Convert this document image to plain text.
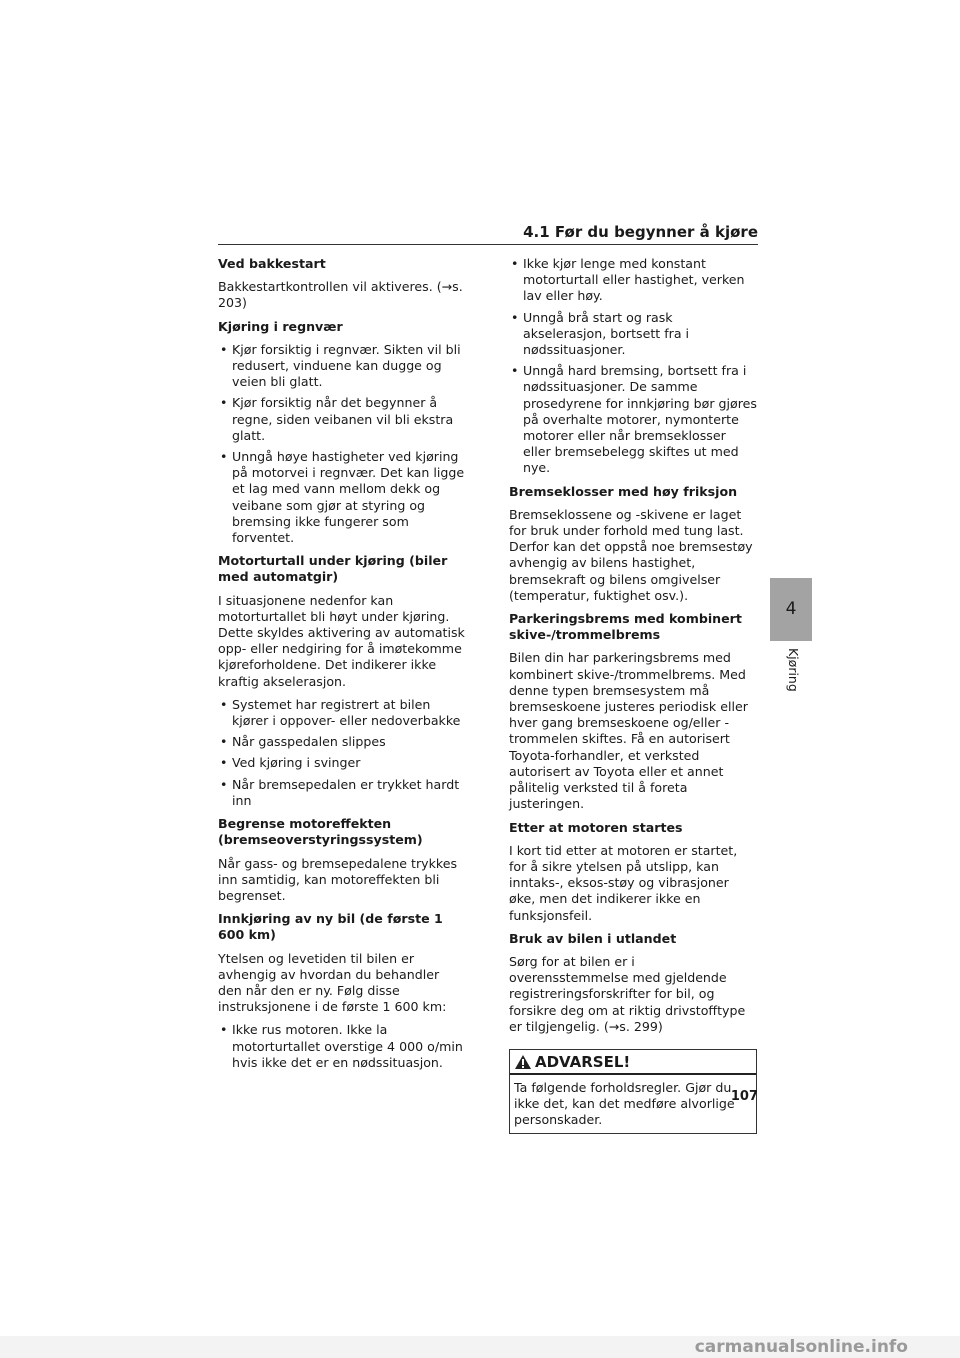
4.1 Før du begynner å kjøre
Ved bakkestart

Bakkestartkontrollen vil aktiveres. (→s. 203)

Kjøring i regnvær
• Kjør forsiktig i regnvær. Sikten vil bli redusert, vinduene kan dugge og veien bli glatt.
• Kjør forsiktig når det begynner å regne, siden veibanen vil bli ekstra glatt.
• Unngå høye hastigheter ved kjøring på motorvei i regnvær. Det kan ligge et lag med vann mellom dekk og veibane som gjør at styring og bremsing ikke fungerer som forventet.
Motorturtall under kjøring (biler med automatgir)

I situasjonene nedenfor kan motorturtallet bli høyt under kjøring. Dette skyldes aktivering av automatisk opp- eller nedgiring for å imøtekomme kjøreforholdene. Det indikerer ikke kraftig akselerasjon.

• Systemet har registrert at bilen kjører i oppover- eller nedoverbakke
• Når gasspedalen slippes
• Ved kjøring i svinger
• Når bremsepedalen er trykket hardt inn
Begrense motoreffekten (bremseoverstyringssystem)

Når gass- og bremsepedalene trykkes inn samtidig, kan motoreffekten bli begrenset.

Innkjøring av ny bil (de første 1 600 km)

Ytelsen og levetiden til bilen er avhengig av hvordan du behandler den når den er ny. Følg disse instruksjonene i de første 1 600 km:

• Ikke rus motoren. Ikke la motorturtallet overstige 4 000 o/min hvis ikke det er en nødssituasjon.
• Ikke kjør lenge med konstant motorturtall eller hastighet, verken lav eller høy.
• Unngå brå start og rask akselerasjon, bortsett fra i nødssituasjoner.
• Unngå hard bremsing, bortsett fra i nødssituasjoner. De samme prosedyrene for innkjøring bør gjøres på overhalte motorer, nymonterte motorer eller når bremseklosser eller bremsebelegg skiftes ut med nye.
Bremseklosser med høy friksjon

Bremseklossene og -skivene er laget for bruk under forhold med tung last. Derfor kan det oppstå noe bremsestøy avhengig av bilens hastighet, bremsekraft og bilens omgivelser (temperatur, fuktighet osv.).

Parkeringsbrems med kombinert skive-/trommelbrems

Bilen din har parkeringsbrems med kombinert skive-/trommelbrems. Med denne typen bremsesystem må bremseskoene justeres periodisk eller hver gang bremseskoene og/eller -trommelen skiftes. Få en autorisert Toyota-forhandler, et verksted autorisert av Toyota eller et annet pålitelig verksted til å foreta justeringen.

Etter at motoren startes

I kort tid etter at motoren er startet, for å sikre ytelsen på utslipp, kan inntaks-, eksos-støy og vibrasjoner øke, men det indikerer ikke en funksjonsfeil.

Bruk av bilen i utlandet

Sørg for at bilen er i overensstemmelse med gjeldende registreringsforskrifter for bil, og forsikre deg om at riktig drivstofftype er tilgjengelig. (→s. 299)

ADVARSEL!
Ta følgende forholdsregler. Gjør du ikke det, kan det medføre alvorlige personskader.
4
Kjøring
107
carmanualsonline.info
